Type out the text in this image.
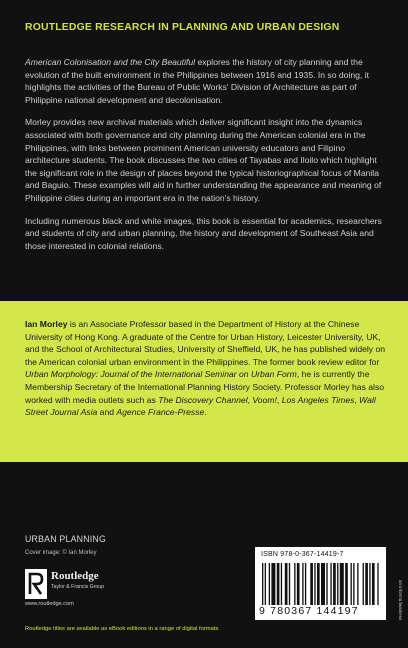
ROUTLEDGE RESEARCH IN PLANNING AND URBAN DESIGN

American Colonisation and the City Beautiful explores the history of city planning and the evolution of the built environment in the Philippines between 1916 and 1935. In so doing, it highlights the activities of the Bureau of Public Works' Division of Architecture as part of Philippine national development and decolonisation.

Morley provides new archival materials which deliver significant insight into the dynamics associated with both governance and city planning during the American colonial era in the Philippines, with links between prominent American university educators and Filipino architecture students. The book discusses the two cities of Tayabas and Iloilo which highlight the significant role in the design of places beyond the typical historiographical focus of Manila and Baguio. These examples will aid in further understanding the appearance and meaning of Philippine cities during an important era in the nation's history.

Including numerous black and white images, this book is essential for academics, researchers and students of city and urban planning, the history and development of Southeast Asia and those interested in colonial relations.

Ian Morley is an Associate Professor based in the Department of History at the Chinese University of Hong Kong. A graduate of the Centre for Urban History, Leicester University, UK, and the School of Architectural Studies, University of Sheffield, UK, he has published widely on the American colonial urban environment in the Philippines. The former book review editor for Urban Morphology: Journal of the International Seminar on Urban Form, he is currently the Membership Secretary of the International Planning History Society. Professor Morley has also worked with media outlets such as The Discovery Channel, Voom!, Los Angeles Times, Wall Street Journal Asia and Agence France-Presse.
URBAN PLANNING
Cover image: © Ian Morley
Routledge
Taylor & Francis Group
www.routledge.com
ISBN 978-0-367-14419-7
9 780367 144197	an informa business
Routledge titles are available as eBook editions in a range of digital formats
